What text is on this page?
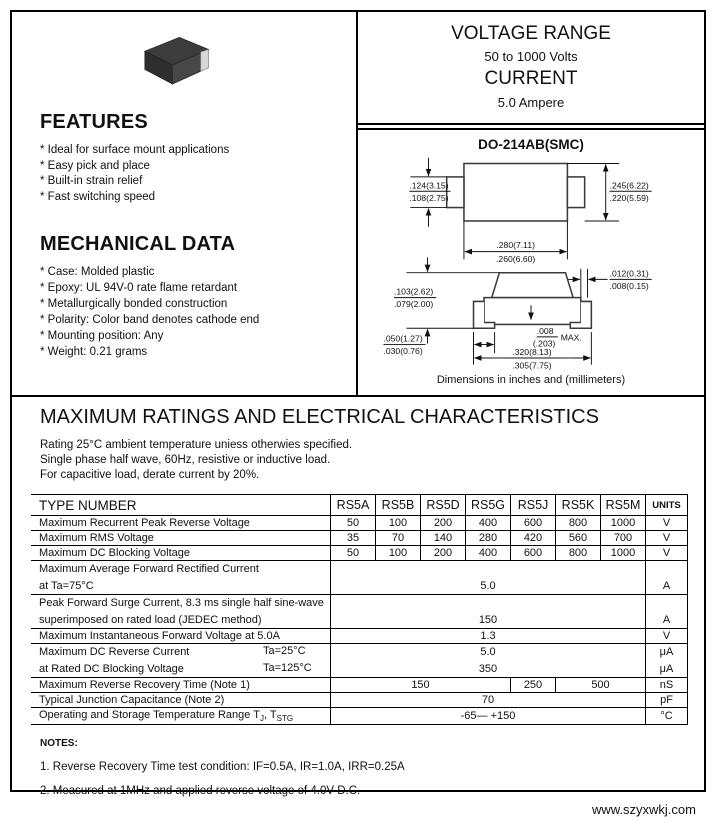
FEATURES
* Ideal for surface mount applications
* Easy pick and place
* Built-in strain relief
* Fast switching speed
MECHANICAL DATA
* Case: Molded plastic
* Epoxy: UL 94V-0 rate flame retardant
* Metallurgically bonded construction
* Polarity: Color band denotes cathode end
* Mounting position: Any
* Weight: 0.21 grams
VOLTAGE RANGE
50 to 1000 Volts
CURRENT
5.0 Ampere
DO-214AB(SMC)
.124(3.15)
.108(2.75)
.245(6.22)
.220(5.59)
.280(7.11)
.260(6.60)
.012(0.31)
.008(0.15)
.103(2.62)
.079(2.00)
.050(1.27)
.030(0.76)
.008
(.203)
MAX.
.320(8.13)
.305(7.75)
Dimensions in inches and (millimeters)
MAXIMUM RATINGS AND ELECTRICAL CHARACTERISTICS
Rating 25°C ambient temperature uniess otherwies specified.
Single phase half wave, 60Hz, resistive or inductive load.
For capacitive load, derate current by 20%.
TYPE NUMBER	RS5A	RS5B	RS5D	RS5G	RS5J	RS5K	RS5M	UNITS
Maximum Recurrent Peak Reverse Voltage	50	100	200	400	600	800	1000	V
Maximum RMS Voltage	35	70	140	280	420	560	700	V
Maximum DC Blocking Voltage	50	100	200	400	600	800	1000	V
Maximum Average Forward Rectified Current								
at Ta=75°C	5.0							A
Peak Forward Surge Current, 8.3 ms single half sine-wave								
superimposed on rated load (JEDEC method)	150							A
Maximum Instantaneous Forward Voltage at 5.0A	1.3							V
Maximum DC Reverse Current Ta=25°C	5.0							μA
at Rated DC Blocking Voltage Ta=125°C	350							μA
Maximum Reverse Recovery Time (Note 1)	150				250	500		nS
Typical Junction Capacitance (Note 2)	70							pF
Operating and Storage Temperature Range $T_J$, $T_{STG}$	-65— +150							°C
NOTES:
1. Reverse Recovery Time test condition: IF=0.5A, IR=1.0A, IRR=0.25A
2. Measured at 1MHz and applied reverse voltage of 4.0V D.C.
www.szyxwkj.com
